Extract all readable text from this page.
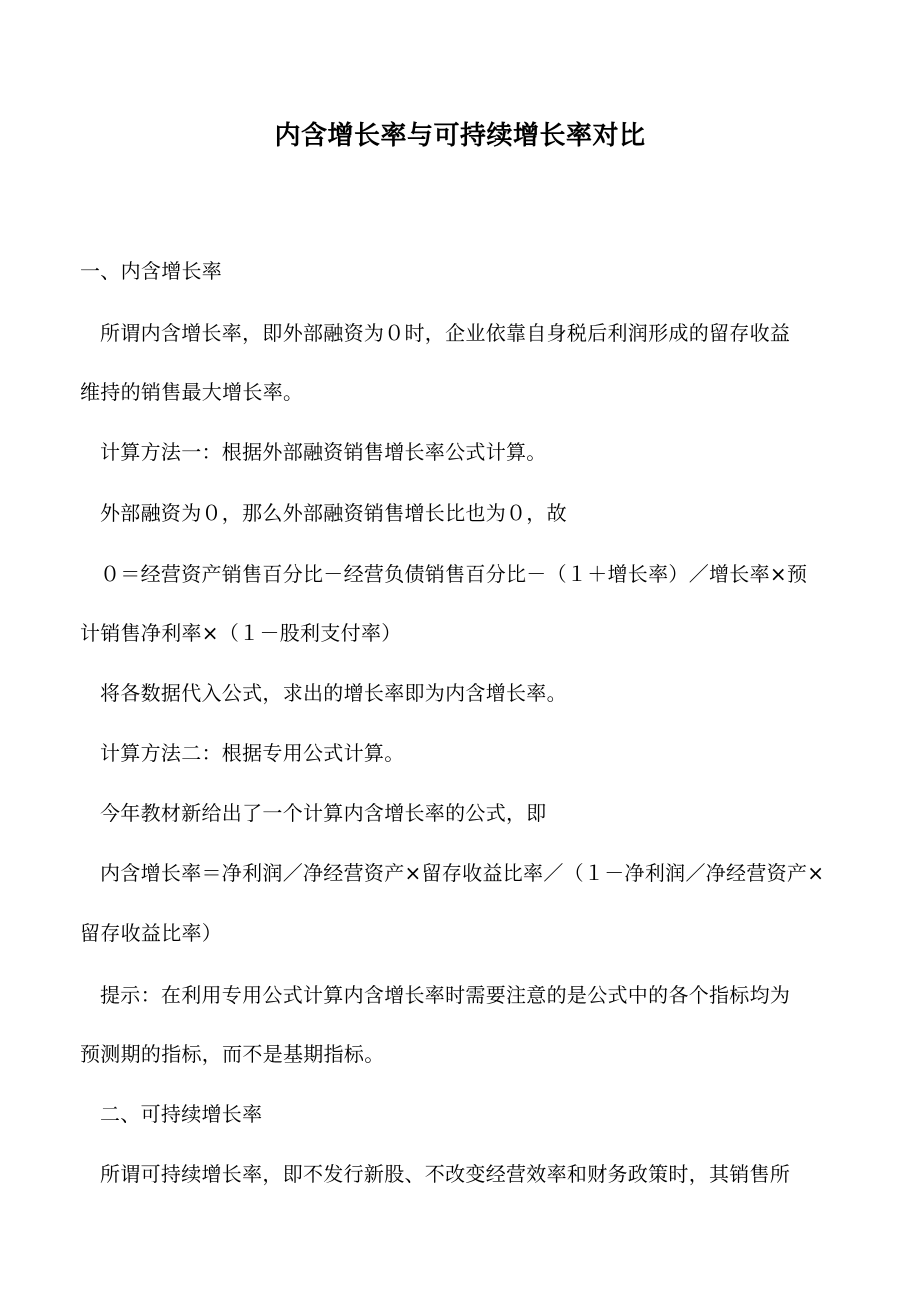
内含增长率与可持续增长率对比
一、内含增长率
所谓内含增长率，即外部融资为０时，企业依靠自身税后利润形成的留存收益
维持的销售最大增长率。
计算方法一：根据外部融资销售增长率公式计算。
外部融资为０，那么外部融资销售增长比也为０，故
０＝经营资产销售百分比－经营负债销售百分比－（１＋增长率）／增长率×预
计销售净利率×（１－股利支付率）
将各数据代入公式，求出的增长率即为内含增长率。
计算方法二：根据专用公式计算。
今年教材新给出了一个计算内含增长率的公式，即
内含增长率＝净利润／净经营资产×留存收益比率／（１－净利润／净经营资产×
留存收益比率）
提示：在利用专用公式计算内含增长率时需要注意的是公式中的各个指标均为
预测期的指标，而不是基期指标。
二、可持续增长率
所谓可持续增长率，即不发行新股、不改变经营效率和财务政策时，其销售所
